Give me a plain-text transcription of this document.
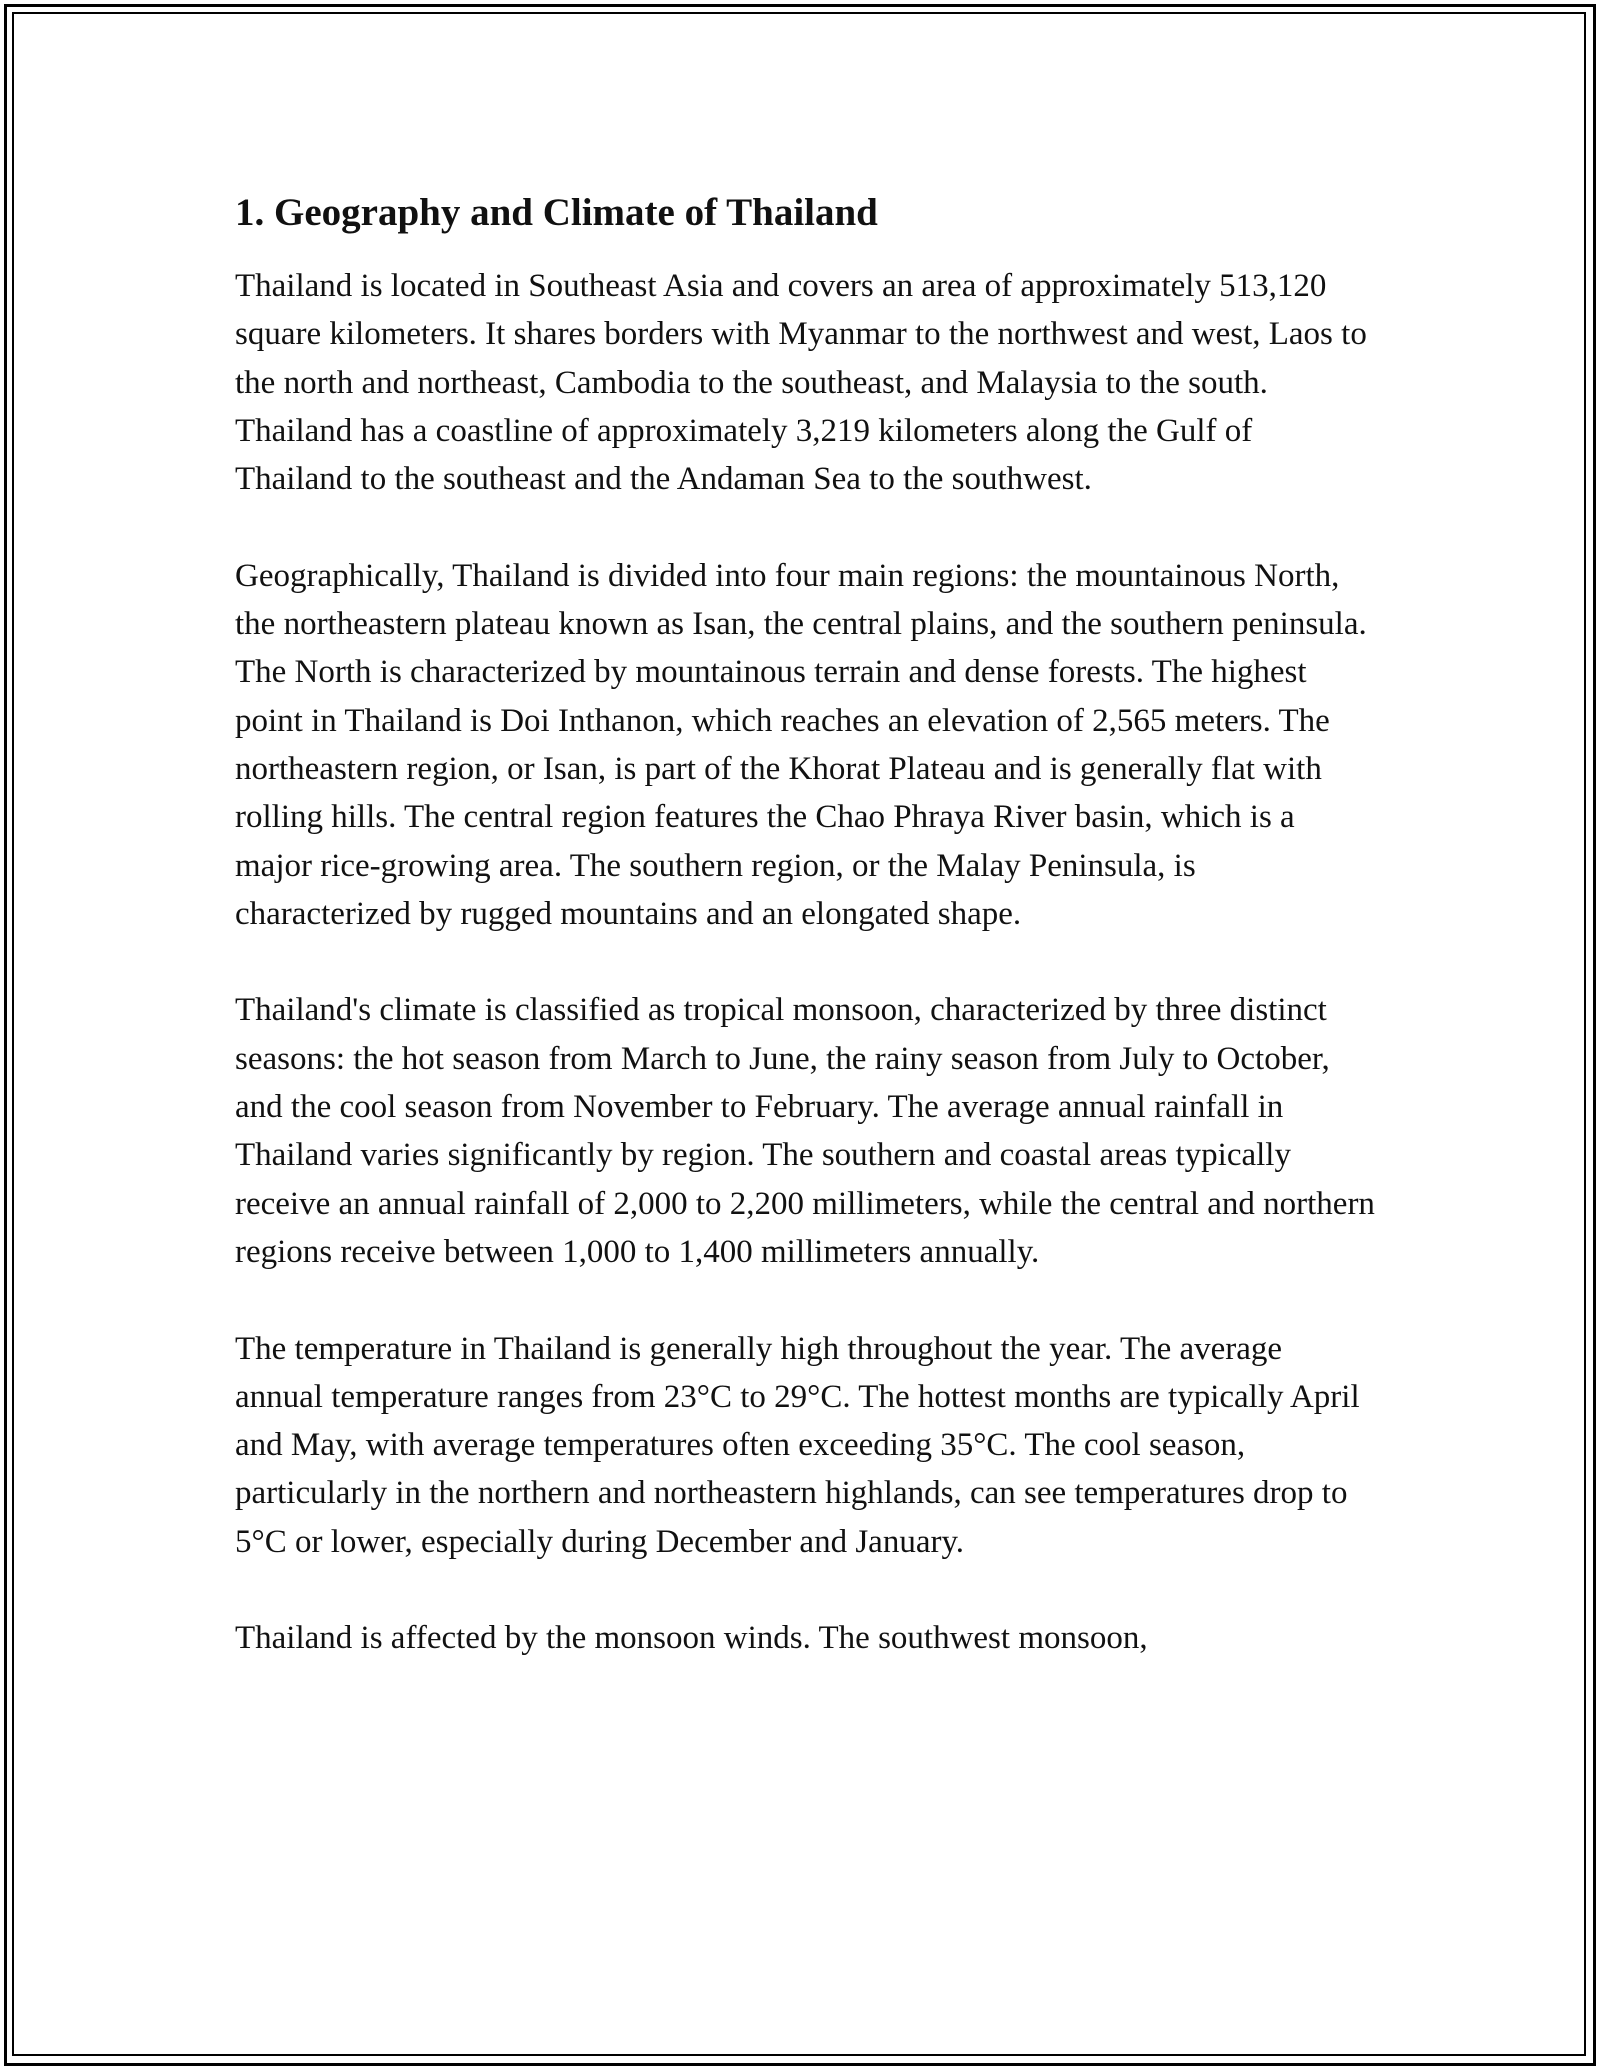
1. Geography and Climate of Thailand

Thailand is located in Southeast Asia and covers an area of approximately 513,120 square kilometers. It shares borders with Myanmar to the northwest and west, Laos to the north and northeast, Cambodia to the southeast, and Malaysia to the south. Thailand has a coastline of approximately 3,219 kilometers along the Gulf of Thailand to the southeast and the Andaman Sea to the southwest.

Geographically, Thailand is divided into four main regions: the mountainous North, the northeastern plateau known as Isan, the central plains, and the southern peninsula. The North is characterized by mountainous terrain and dense forests. The highest point in Thailand is Doi Inthanon, which reaches an elevation of 2,565 meters. The northeastern region, or Isan, is part of the Khorat Plateau and is generally flat with rolling hills. The central region features the Chao Phraya River basin, which is a major rice-growing area. The southern region, or the Malay Peninsula, is characterized by rugged mountains and an elongated shape.

Thailand's climate is classified as tropical monsoon, characterized by three distinct seasons: the hot season from March to June, the rainy season from July to October, and the cool season from November to February. The average annual rainfall in Thailand varies significantly by region. The southern and coastal areas typically receive an annual rainfall of 2,000 to 2,200 millimeters, while the central and northern regions receive between 1,000 to 1,400 millimeters annually.

The temperature in Thailand is generally high throughout the year. The average annual temperature ranges from 23°C to 29°C. The hottest months are typically April and May, with average temperatures often exceeding 35°C. The cool season, particularly in the northern and northeastern highlands, can see temperatures drop to 5°C or lower, especially during December and January.

Thailand is affected by the monsoon winds. The southwest monsoon,
